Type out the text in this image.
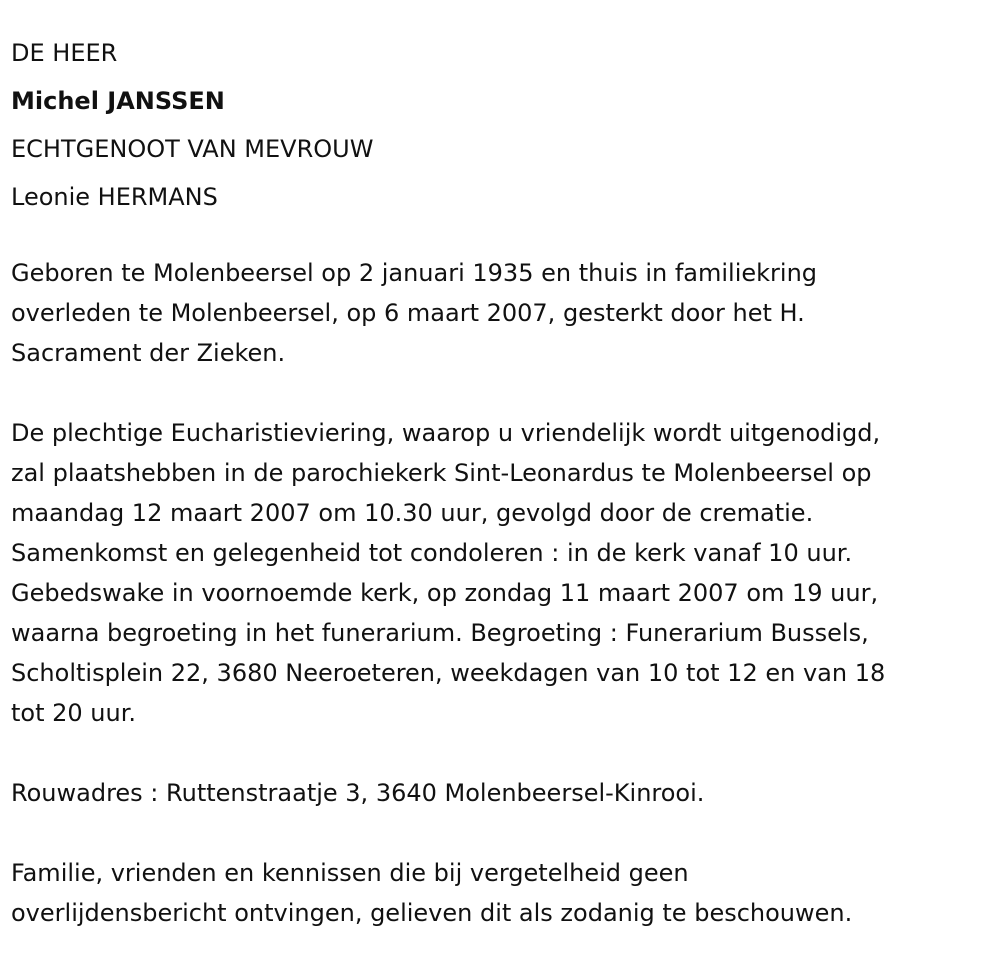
DE HEER
Michel JANSSEN
ECHTGENOOT VAN MEVROUW
Leonie HERMANS
Geboren te Molenbeersel op 2 januari 1935 en thuis in familiekring
overleden te Molenbeersel, op 6 maart 2007, gesterkt door het H.
Sacrament der Zieken.
De plechtige Eucharistieviering, waarop u vriendelijk wordt uitgenodigd,
zal plaatshebben in de parochiekerk Sint-Leonardus te Molenbeersel op
maandag 12 maart 2007 om 10.30 uur, gevolgd door de crematie.
Samenkomst en gelegenheid tot condoleren : in de kerk vanaf 10 uur.
Gebedswake in voornoemde kerk, op zondag 11 maart 2007 om 19 uur,
waarna begroeting in het funerarium. Begroeting : Funerarium Bussels,
Scholtisplein 22, 3680 Neeroeteren, weekdagen van 10 tot 12 en van 18
tot 20 uur.
Rouwadres : Ruttenstraatje 3, 3640 Molenbeersel-Kinrooi.
Familie, vrienden en kennissen die bij vergetelheid geen
overlijdensbericht ontvingen, gelieven dit als zodanig te beschouwen.
